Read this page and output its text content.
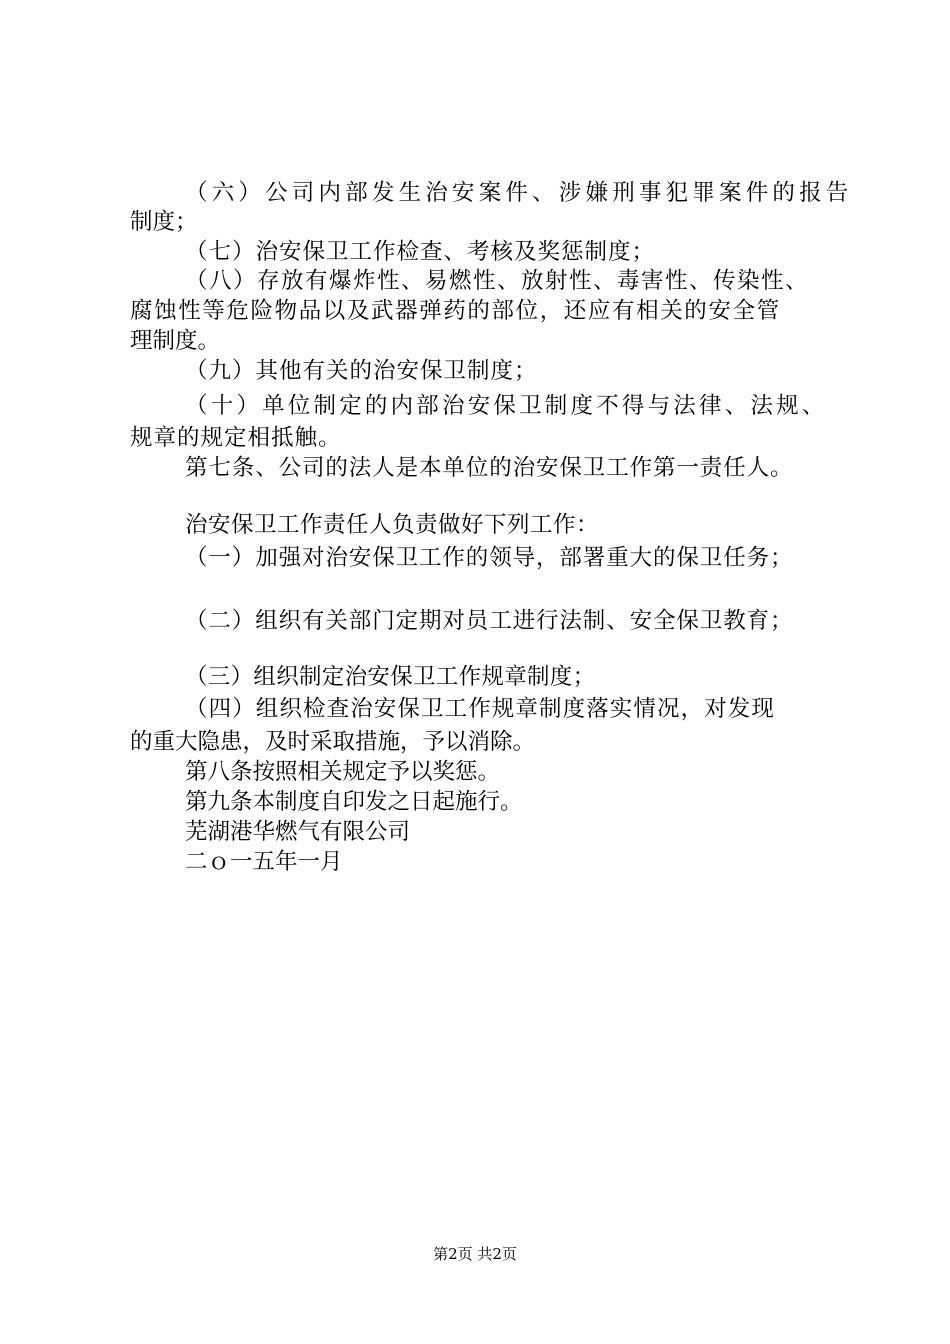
（六）公司内部发生治安案件、涉嫌刑事犯罪案件的报告
制度；
（七）治安保卫工作检查、考核及奖惩制度；
（八）存放有爆炸性、易燃性、放射性、毒害性、传染性、
腐蚀性等危险物品以及武器弹药的部位，还应有相关的安全管
理制度。
（九）其他有关的治安保卫制度；
（十）单位制定的内部治安保卫制度不得与法律、法规、
规章的规定相抵触。
第七条、公司的法人是本单位的治安保卫工作第一责任人。
治安保卫工作责任人负责做好下列工作：
（一）加强对治安保卫工作的领导，部署重大的保卫任务；
（二）组织有关部门定期对员工进行法制、安全保卫教育；
（三）组织制定治安保卫工作规章制度；
（四）组织检查治安保卫工作规章制度落实情况，对发现
的重大隐患，及时采取措施，予以消除。
第八条按照相关规定予以奖惩。
第九条本制度自印发之日起施行。
芜湖港华燃气有限公司
二ｏ一五年一月
第2页 共2页
